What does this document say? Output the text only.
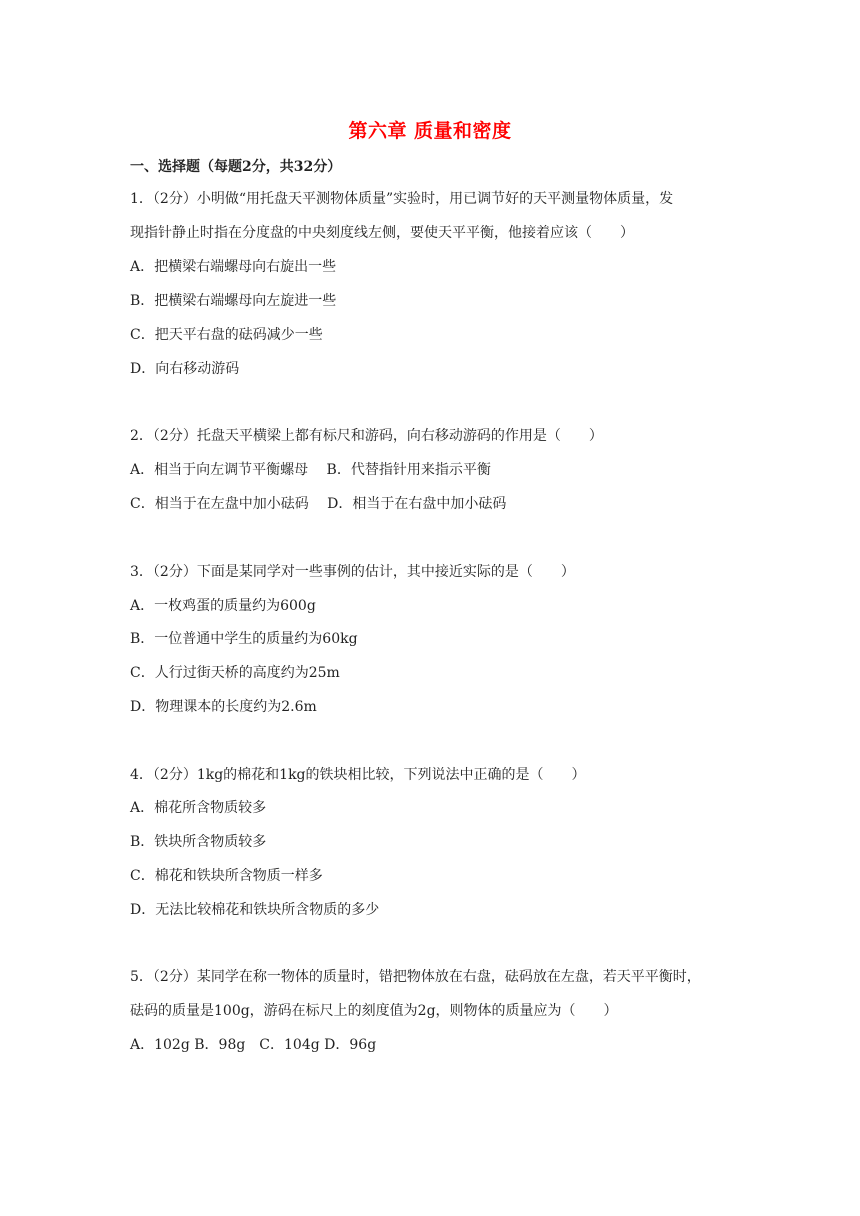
第六章 质量和密度
一、选择题（每题2分，共32分）
1．（2分）小明做“用托盘天平测物体质量”实验时，用已调节好的天平测量物体质量，发
现指针静止时指在分度盘的中央刻度线左侧，要使天平平衡，他接着应该（　　）
A．把横梁右端螺母向右旋出一些
B．把横梁右端螺母向左旋进一些
C．把天平右盘的砝码减少一些
D．向右移动游码
2．（2分）托盘天平横梁上都有标尺和游码，向右移动游码的作用是（　　）
A．相当于向左调节平衡螺母　 B．代替指针用来指示平衡
C．相当于在左盘中加小砝码　 D．相当于在右盘中加小砝码
3．（2分）下面是某同学对一些事例的估计，其中接近实际的是（　　）
A．一枚鸡蛋的质量约为600g
B．一位普通中学生的质量约为60kg
C．人行过街天桥的高度约为25m
D．物理课本的长度约为2.6m
4．（2分）1kg的棉花和1kg的铁块相比较，下列说法中正确的是（　　）
A．棉花所含物质较多
B．铁块所含物质较多
C．棉花和铁块所含物质一样多
D．无法比较棉花和铁块所含物质的多少
5．（2分）某同学在称一物体的质量时，错把物体放在右盘，砝码放在左盘，若天平平衡时，
砝码的质量是100g，游码在标尺上的刻度值为2g，则物体的质量应为（　　）
A．102g B．98g　C．104g D．96g
